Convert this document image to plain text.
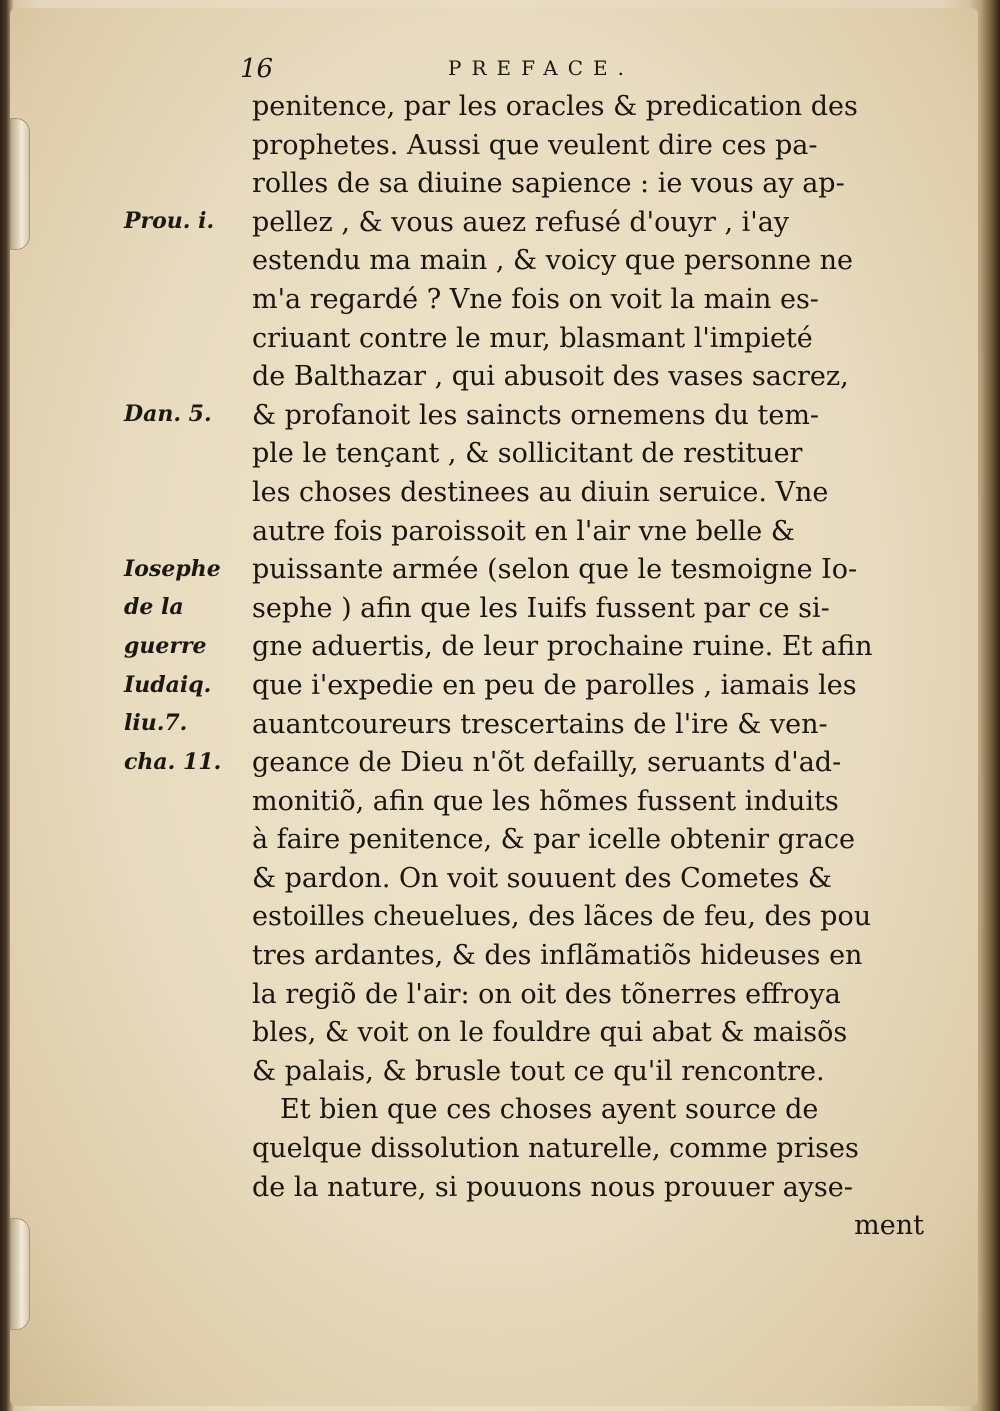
16	PREFACE.
Prou. i.
Dan. 5.
Iosephe
de la
guerre
Iudaiq.
liu.7.
cha. 11.
penitence, par les oracles & predication des
prophetes. Aussi que veulent dire ces pa-
rolles de sa diuine sapience : ie vous ay ap-
pellez , & vous auez refusé d'ouyr , i'ay
estendu ma main , & voicy que personne ne
m'a regardé ? Vne fois on voit la main es-
criuant contre le mur, blasmant l'impieté
de Balthazar , qui abusoit des vases sacrez,
& profanoit les saincts ornemens du tem-
ple le tençant , & sollicitant de restituer
les choses destinees au diuin seruice. Vne
autre fois paroissoit en l'air vne belle &
puissante armée (selon que le tesmoigne Io-
sephe ) afin que les Iuifs fussent par ce si-
gne aduertis, de leur prochaine ruine. Et afin
que i'expedie en peu de parolles , iamais les
auantcoureurs trescertains de l'ire & ven-
geance de Dieu n'õt defailly, seruants d'ad-
monitiõ, afin que les hõmes fussent induits
à faire penitence, & par icelle obtenir grace
& pardon. On voit souuent des Cometes &
estoilles cheuelues, des lãces de feu, des pou
tres ardantes, & des inflãmatiõs hideuses en
la regiõ de l'air: on oit des tõnerres effroya
bles, & voit on le fouldre qui abat & maisõs
& palais, & brusle tout ce qu'il rencontre.
Et bien que ces choses ayent source de
quelque dissolution naturelle, comme prises
de la nature, si pouuons nous prouuer ayse-
ment
